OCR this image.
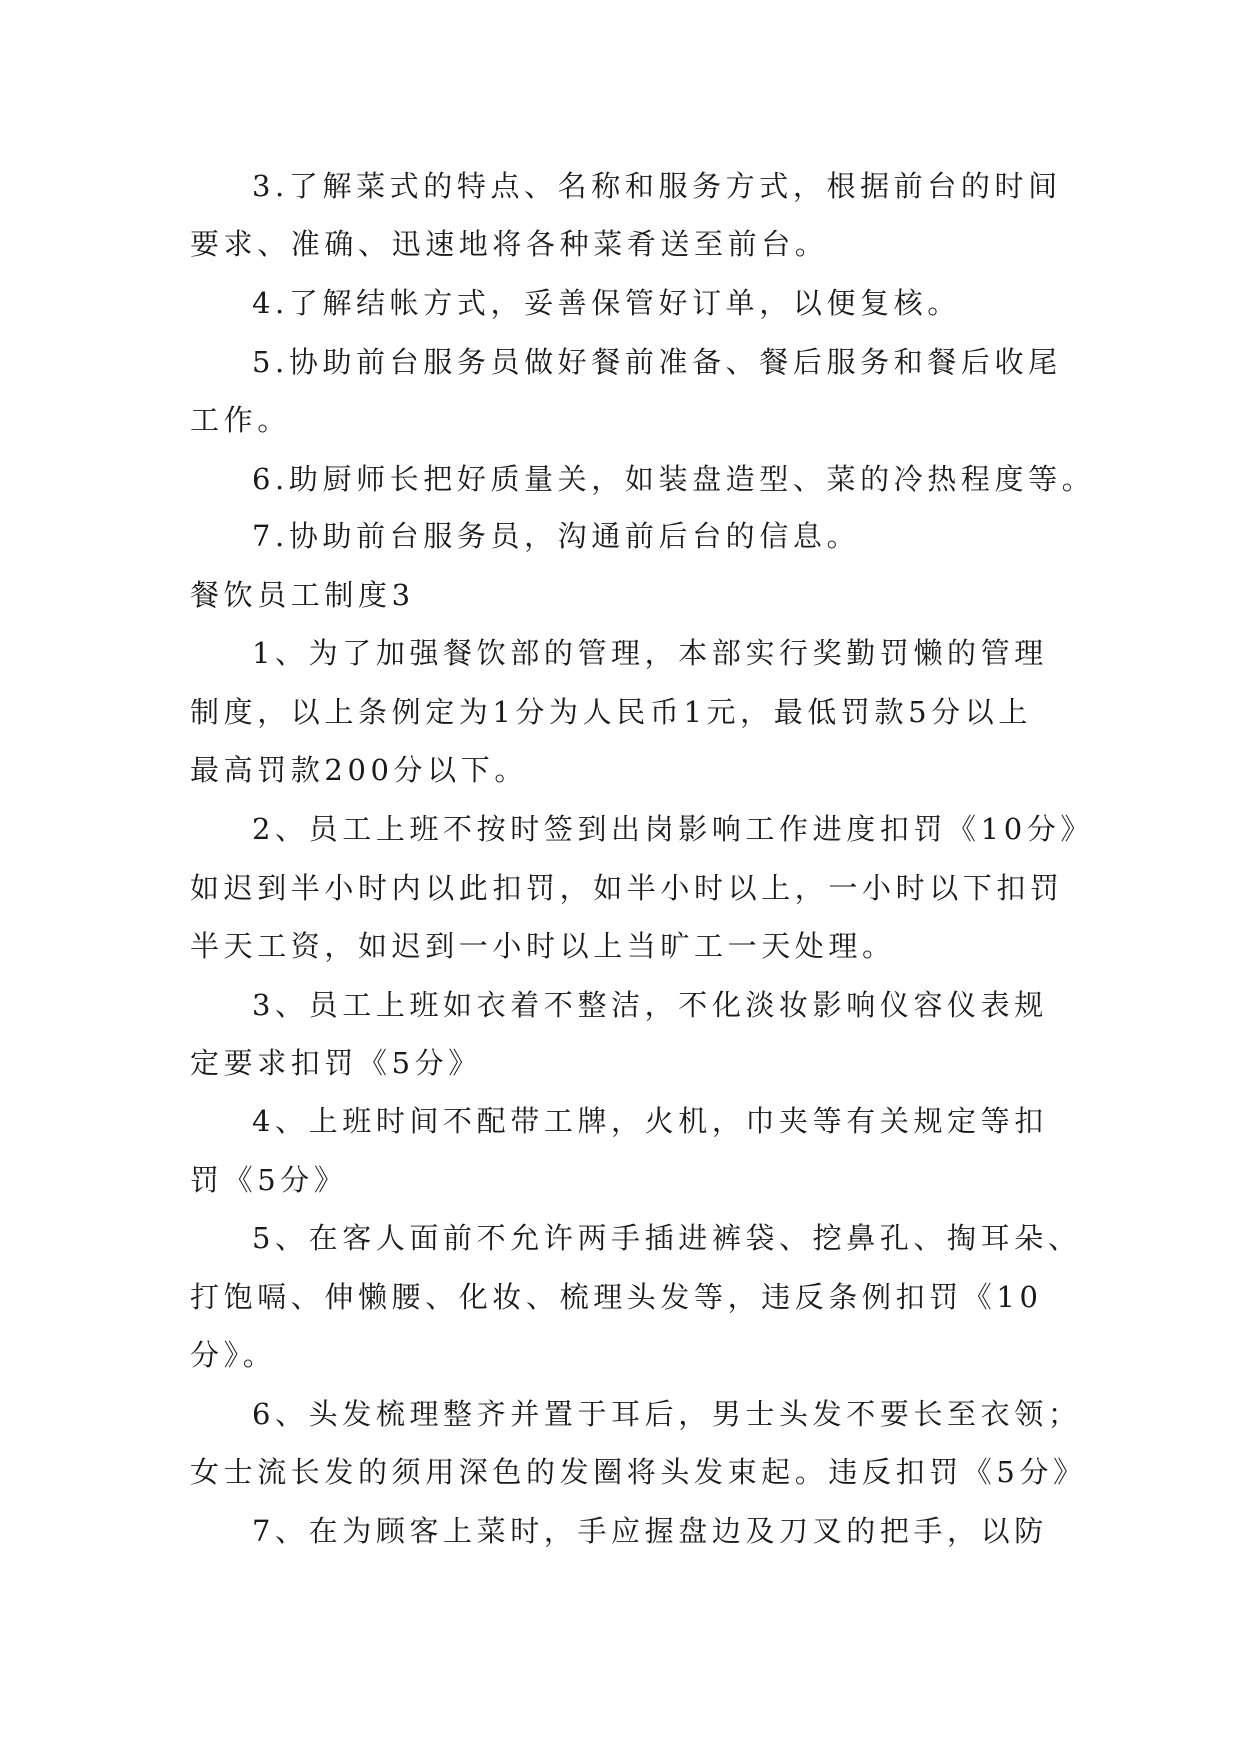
3.了解菜式的特点、名称和服务方式，根据前台的时间
要求、准确、迅速地将各种菜肴送至前台。
4.了解结帐方式，妥善保管好订单，以便复核。
5.协助前台服务员做好餐前准备、餐后服务和餐后收尾
工作。
6.助厨师长把好质量关，如装盘造型、菜的冷热程度等。
7.协助前台服务员，沟通前后台的信息。
餐饮员工制度3
1、为了加强餐饮部的管理，本部实行奖勤罚懒的管理
制度，以上条例定为1分为人民币1元，最低罚款5分以上
最高罚款200分以下。
2、员工上班不按时签到出岗影响工作进度扣罚《10分》
如迟到半小时内以此扣罚，如半小时以上，一小时以下扣罚
半天工资，如迟到一小时以上当旷工一天处理。
3、员工上班如衣着不整洁，不化淡妆影响仪容仪表规
定要求扣罚《5分》
4、上班时间不配带工牌，火机，巾夹等有关规定等扣
罚《5分》
5、在客人面前不允许两手插进裤袋、挖鼻孔、掏耳朵、
打饱嗝、伸懒腰、化妆、梳理头发等，违反条例扣罚《10
分》。
6、头发梳理整齐并置于耳后，男士头发不要长至衣领；
女士流长发的须用深色的发圈将头发束起。违反扣罚《5分》
7、在为顾客上菜时，手应握盘边及刀叉的把手，以防
